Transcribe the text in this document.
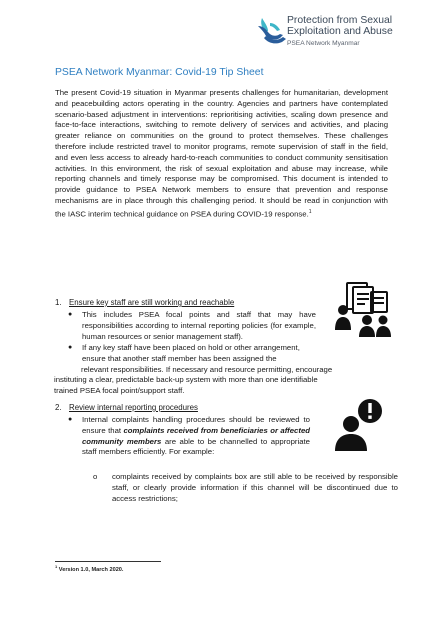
Protection from Sexual
Exploitation and Abuse
PSEA Network Myanmar
PSEA Network Myanmar: Covid-19 Tip Sheet
The present Covid-19 situation in Myanmar presents challenges for humanitarian, development and peacebuilding actors operating in the country. Agencies and partners have contemplated scenario-based adjustment in interventions: reprioritising activities, scaling down presence and face-to-face interactions, switching to remote delivery of services and activities, and placing greater reliance on communities on the ground to protect themselves. These challenges therefore include restricted travel to monitor programs, remote supervision of staff in the field, and even less access to already hard-to-reach communities to conduct community sensitisation activities. In this environment, the risk of sexual exploitation and abuse may increase, while reporting channels and timely response may be compromised. This document is intended to provide guidance to PSEA Network members to ensure that prevention and response mechanisms are in place through this challenging period. It should be read in conjunction with the IASC interim technical guidance on PSEA during COVID-19 response.$^1$
1. Ensure key staff are still working and reachable
● This includes PSEA focal points and staff that may have responsibilities according to internal reporting policies (for example, human resources or senior management staff).
● If any key staff have been placed on hold or other arrangement,
ensure that another staff member has been assigned the
relevant responsibilities. If necessary and resource permitting, encourage
instituting a clear, predictable back-up system with more than one identifiable
trained PSEA focal point/support staff.
2. Review internal reporting procedures
● Internal complaints handling procedures should be reviewed to ensure that complaints received from beneficiaries or affected community members are able to be channelled to appropriate staff members efficiently. For example:
o complaints received by complaints box are still able to be received by responsible staff, or clearly provide information if this channel will be discontinued due to access restrictions;
$^1$ Version 1.0, March 2020.
